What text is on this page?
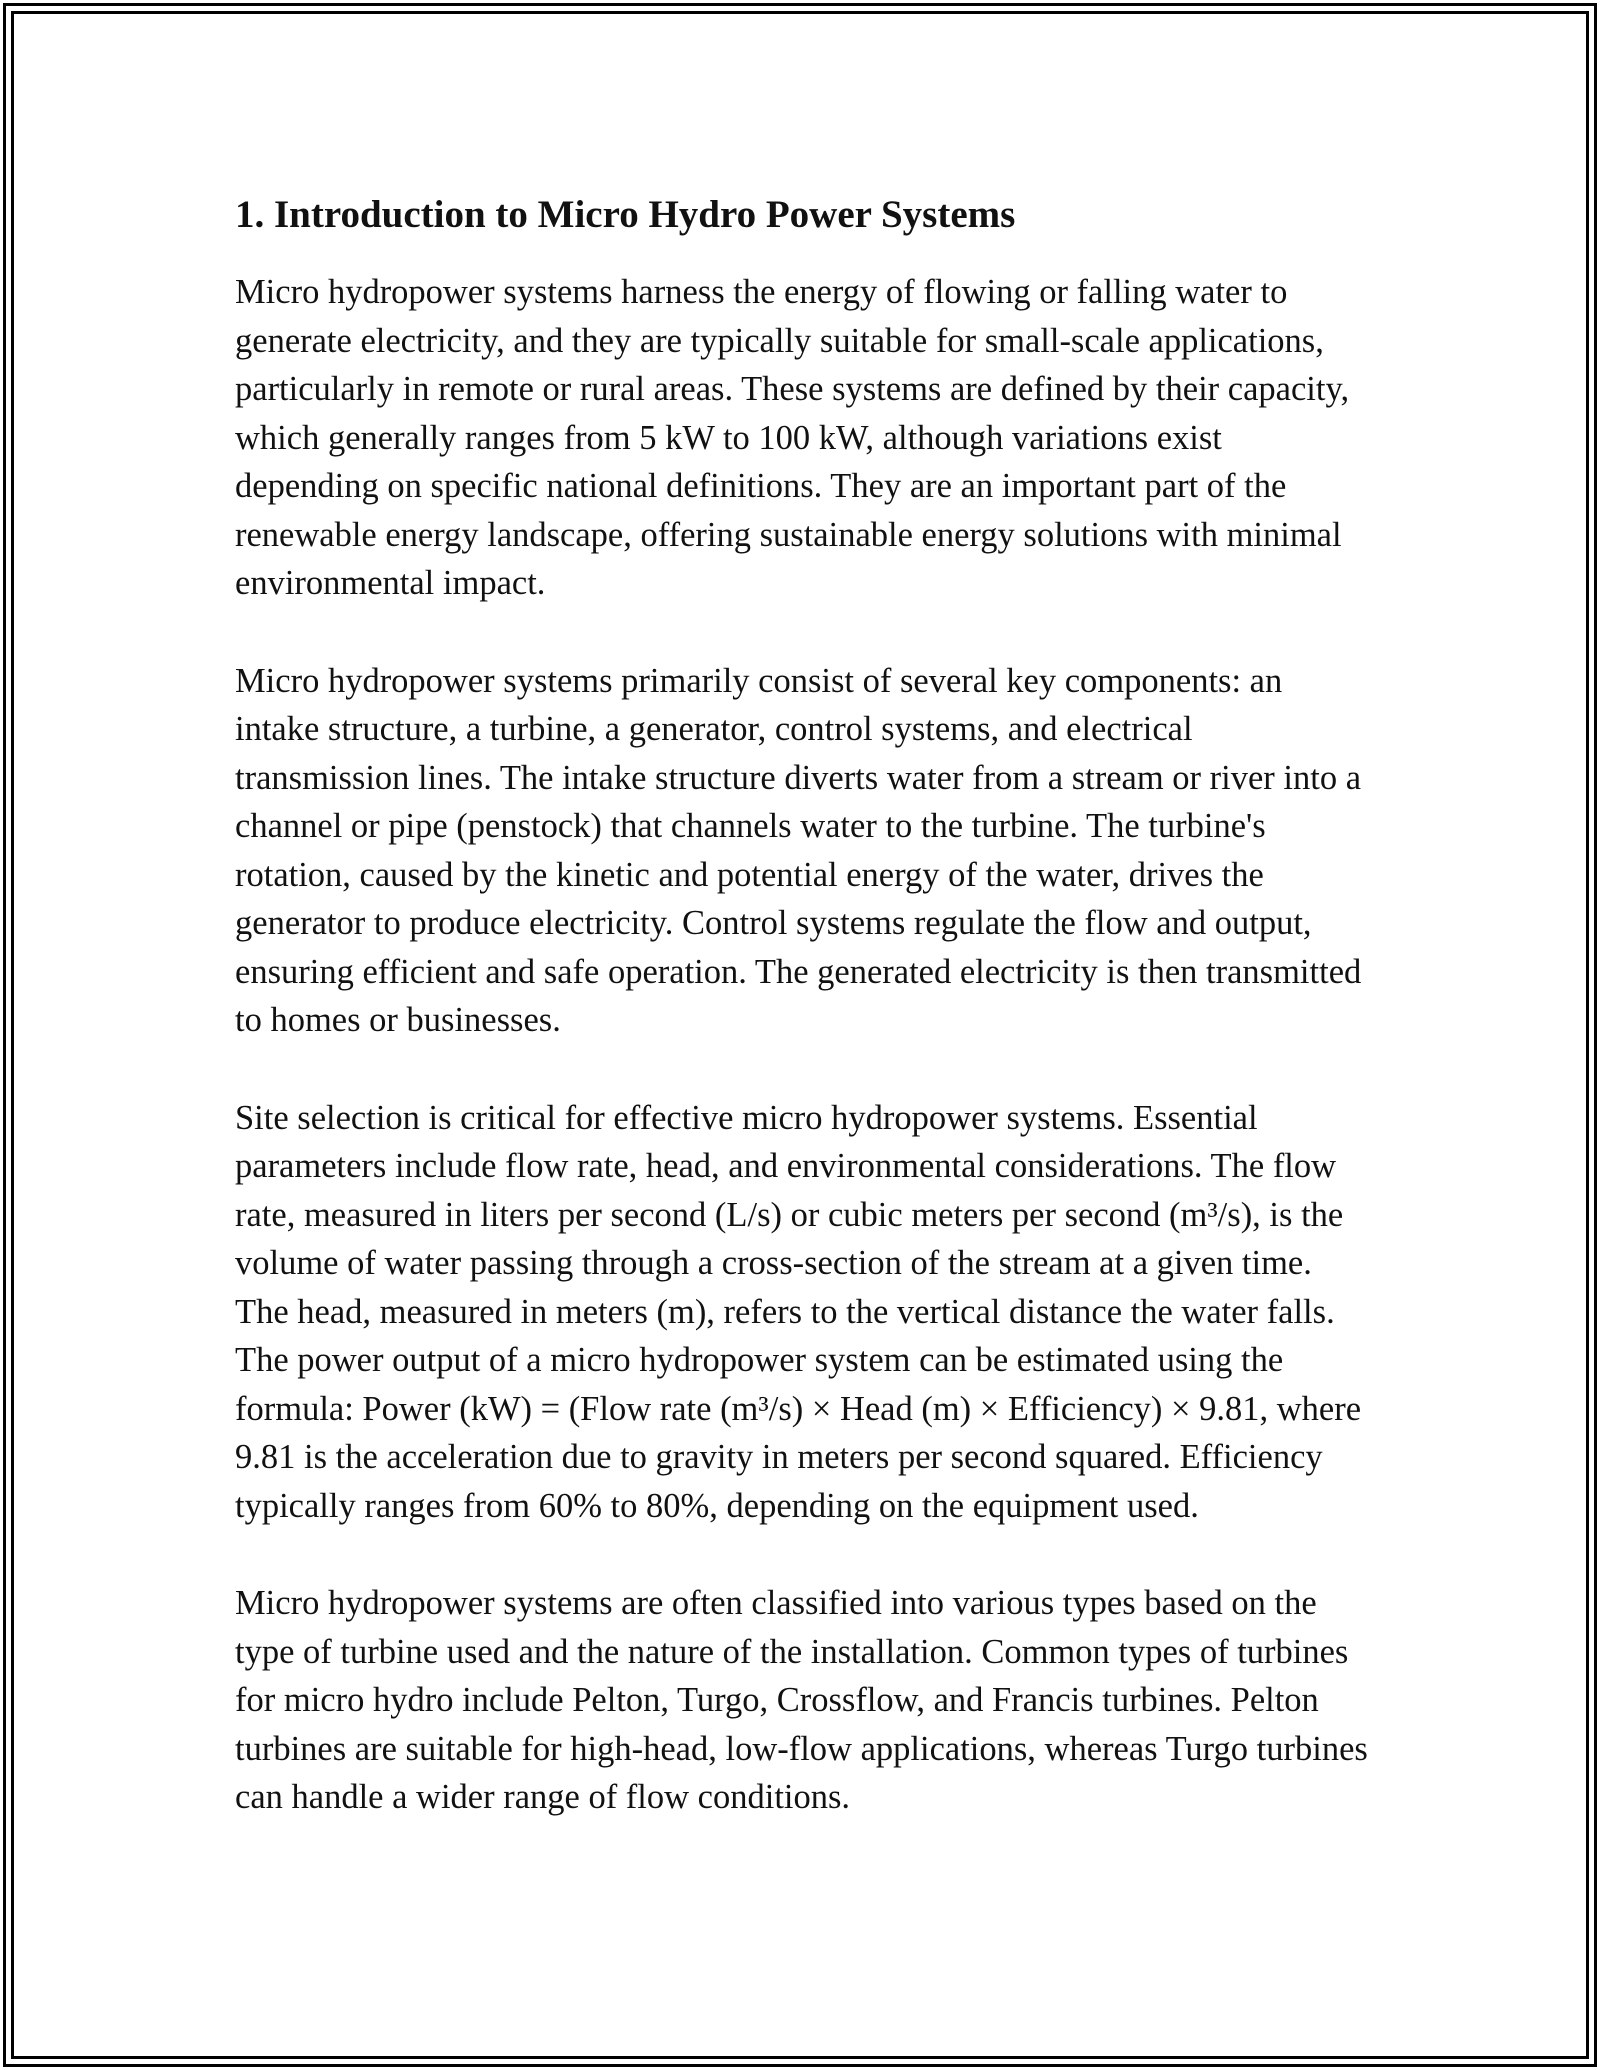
1. Introduction to Micro Hydro Power Systems

Micro hydropower systems harness the energy of flowing or falling water to generate electricity, and they are typically suitable for small-scale applications, particularly in remote or rural areas. These systems are defined by their capacity, which generally ranges from 5 kW to 100 kW, although variations exist depending on specific national definitions. They are an important part of the renewable energy landscape, offering sustainable energy solutions with minimal environmental impact.

Micro hydropower systems primarily consist of several key components: an intake structure, a turbine, a generator, control systems, and electrical transmission lines. The intake structure diverts water from a stream or river into a channel or pipe (penstock) that channels water to the turbine. The turbine's rotation, caused by the kinetic and potential energy of the water, drives the generator to produce electricity. Control systems regulate the flow and output, ensuring efficient and safe operation. The generated electricity is then transmitted to homes or businesses.

Site selection is critical for effective micro hydropower systems. Essential parameters include flow rate, head, and environmental considerations. The flow rate, measured in liters per second (L/s) or cubic meters per second (m³/s), is the volume of water passing through a cross-section of the stream at a given time. The head, measured in meters (m), refers to the vertical distance the water falls. The power output of a micro hydropower system can be estimated using the formula: Power (kW) = (Flow rate (m³/s) × Head (m) × Efficiency) × 9.81, where 9.81 is the acceleration due to gravity in meters per second squared. Efficiency typically ranges from 60% to 80%, depending on the equipment used.

Micro hydropower systems are often classified into various types based on the type of turbine used and the nature of the installation. Common types of turbines for micro hydro include Pelton, Turgo, Crossflow, and Francis turbines. Pelton turbines are suitable for high-head, low-flow applications, whereas Turgo turbines can handle a wider range of flow conditions.
